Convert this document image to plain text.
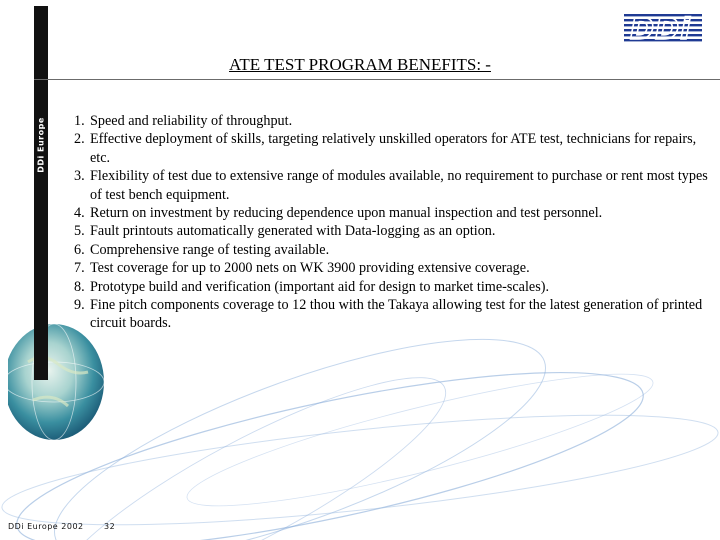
DDi Europe
DDi
ATE TEST PROGRAM BENEFITS: -
1. Speed and reliability of throughput.
2. Effective deployment of skills, targeting relatively unskilled operators for ATE test, technicians for repairs, etc.
3. Flexibility of test due to extensive range of modules available, no requirement to purchase or rent most types of test bench equipment.
4. Return on investment by reducing dependence upon manual inspection and test personnel.
5. Fault printouts automatically generated with Data-logging as an option.
6. Comprehensive range of testing available.
7. Test coverage for up to 2000 nets on WK 3900 providing extensive coverage.
8. Prototype build and verification (important aid for design to market time-scales).
9. Fine pitch components coverage to 12 thou with the Takaya allowing test for the latest generation of printed circuit boards.
DDi Europe 2002	32
